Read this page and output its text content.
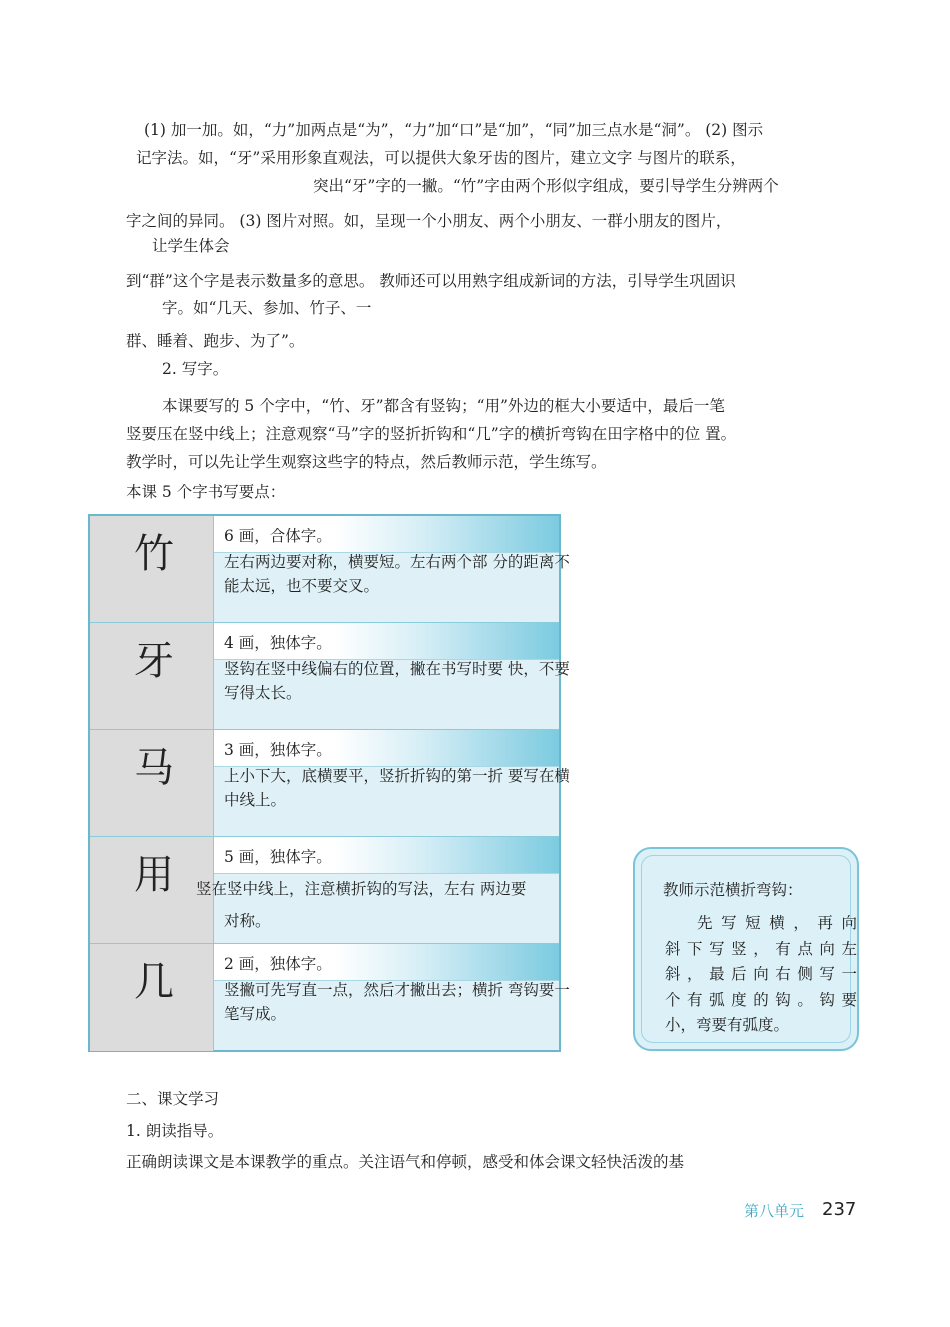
(1) 加一加。如，“力”加两点是“为”，“力”加“口”是“加”，“同”加三点水是“洞”。 (2) 图示
记字法。如，“牙”采用形象直观法，可以提供大象牙齿的图片，建立文字 与图片的联系，
突出“牙”字的一撇。“竹”字由两个形似字组成，要引导学生分辨两个
字之间的异同。 (3) 图片对照。如，呈现一个小朋友、两个小朋友、一群小朋友的图片，
让学生体会
到“群”这个字是表示数量多的意思。 教师还可以用熟字组成新词的方法，引导学生巩固识
字。如“几天、参加、竹子、一
群、睡着、跑步、为了”。
2. 写字。
本课要写的 5 个字中，“竹、牙”都含有竖钩；“用”外边的框大小要适中，最后一笔
竖要压在竖中线上；注意观察“马”字的竖折折钩和“几”字的横折弯钩在田字格中的位 置。
教学时，可以先让学生观察这些字的特点，然后教师示范，学生练写。
本课 5 个字书写要点：
竹	6 画，合体字。
左右两边要对称，横要短。左右两个部 分的距离不
能太远，也不要交叉。
牙	4 画，独体字。
竖钩在竖中线偏右的位置，撇在书写时要 快，不要
写得太长。
马	3 画，独体字。
上小下大，底横要平，竖折折钩的第一折 要写在横
中线上。
用	5 画，独体字。
竖在竖中线上，注意横折钩的写法，左右 两边要
对称。
几	2 画，独体字。
竖撇可先写直一点，然后才撇出去；横折 弯钩要一
笔写成。
教师示范横折弯钩：
先写短横，再向
斜下写竖，有点向左
斜，最后向右侧写一
个有弧度的钩。钩要
小，弯要有弧度。
二、课文学习
1. 朗读指导。
正确朗读课文是本课教学的重点。关注语气和停顿，感受和体会课文轻快活泼的基
第八单元 237
